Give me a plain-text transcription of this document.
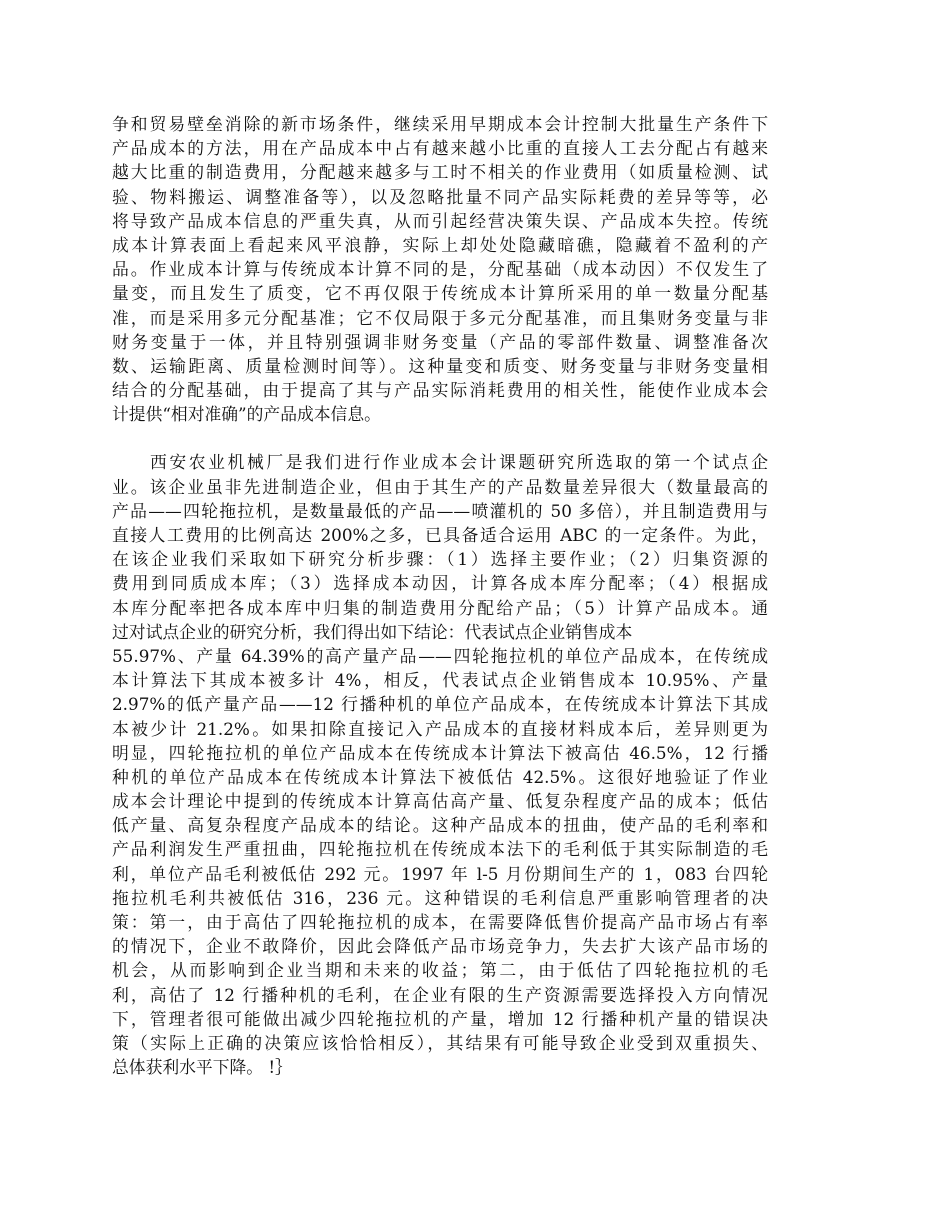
争和贸易壁垒消除的新市场条件，继续采用早期成本会计控制大批量生产条件下
产品成本的方法，用在产品成本中占有越来越小比重的直接人工去分配占有越来
越大比重的制造费用，分配越来越多与工时不相关的作业费用（如质量检测、试
验、物料搬运、调整准备等），以及忽略批量不同产品实际耗费的差异等等，必
将导致产品成本信息的严重失真，从而引起经营决策失误、产品成本失控。传统
成本计算表面上看起来风平浪静，实际上却处处隐藏暗礁，隐藏着不盈利的产
品。作业成本计算与传统成本计算不同的是，分配基础（成本动因）不仅发生了
量变，而且发生了质变，它不再仅限于传统成本计算所采用的单一数量分配基
准，而是采用多元分配基准；它不仅局限于多元分配基准，而且集财务变量与非
财务变量于一体，并且特别强调非财务变量（产品的零部件数量、调整准备次
数、运输距离、质量检测时间等）。这种量变和质变、财务变量与非财务变量相
结合的分配基础，由于提高了其与产品实际消耗费用的相关性，能使作业成本会
计提供“相对准确”的产品成本信息。
西安农业机械厂是我们进行作业成本会计课题研究所选取的第一个试点企
业。该企业虽非先进制造企业，但由于其生产的产品数量差异很大（数量最高的
产品——四轮拖拉机，是数量最低的产品——喷灌机的 50 多倍），并且制造费用与
直接人工费用的比例高达 200%之多，已具备适合运用 ABC 的一定条件。为此，
在该企业我们采取如下研究分析步骤：（1）选择主要作业；（2）归集资源的
费用到同质成本库；（3）选择成本动因，计算各成本库分配率；（4）根据成
本库分配率把各成本库中归集的制造费用分配给产品；（5）计算产品成本。通
过对试点企业的研究分析，我们得出如下结论：代表试点企业销售成本
55.97%、产量 64.39%的高产量产品——四轮拖拉机的单位产品成本，在传统成
本计算法下其成本被多计 4%，相反，代表试点企业销售成本 10.95%、产量
2.97%的低产量产品——12 行播种机的单位产品成本，在传统成本计算法下其成
本被少计 21.2%。如果扣除直接记入产品成本的直接材料成本后，差异则更为
明显，四轮拖拉机的单位产品成本在传统成本计算法下被高估 46.5%，12 行播
种机的单位产品成本在传统成本计算法下被低估 42.5%。这很好地验证了作业
成本会计理论中提到的传统成本计算高估高产量、低复杂程度产品的成本；低估
低产量、高复杂程度产品成本的结论。这种产品成本的扭曲，使产品的毛利率和
产品利润发生严重扭曲，四轮拖拉机在传统成本法下的毛利低于其实际制造的毛
利，单位产品毛利被低估 292 元。1997 年 l-5 月份期间生产的 1，083 台四轮
拖拉机毛利共被低估 316，236 元。这种错误的毛利信息严重影响管理者的决
策：第一，由于高估了四轮拖拉机的成本，在需要降低售价提高产品市场占有率
的情况下，企业不敢降价，因此会降低产品市场竞争力，失去扩大该产品市场的
机会，从而影响到企业当期和未来的收益；第二，由于低估了四轮拖拉机的毛
利，高估了 12 行播种机的毛利，在企业有限的生产资源需要选择投入方向情况
下，管理者很可能做出减少四轮拖拉机的产量，增加 12 行播种机产量的错误决
策（实际上正确的决策应该恰恰相反），其结果有可能导致企业受到双重损失、
总体获利水平下降。 !｝
